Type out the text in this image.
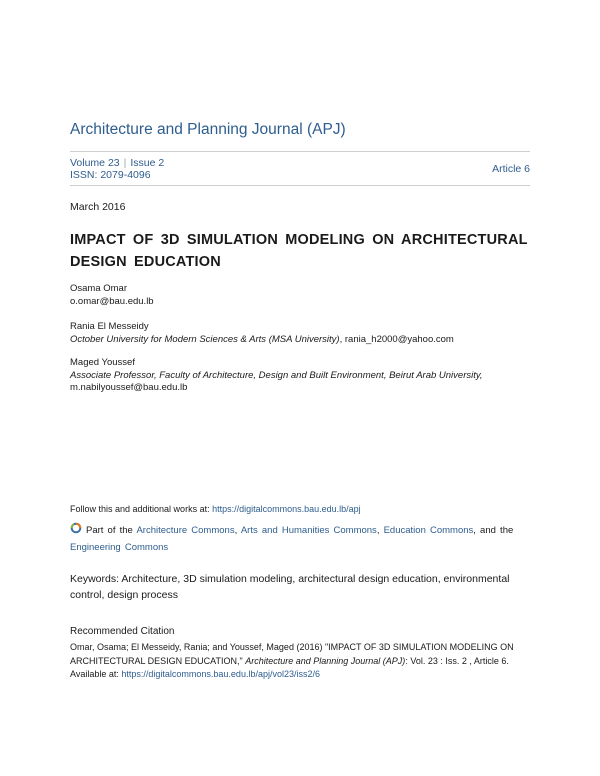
Architecture and Planning Journal (APJ)
Volume 23 | Issue 2
ISSN: 2079-4096	Article 6
March 2016
IMPACT OF 3D SIMULATION MODELING ON ARCHITECTURAL DESIGN EDUCATION
Osama Omar
o.omar@bau.edu.lb
Rania El Messeidy
October University for Modern Sciences & Arts (MSA University), rania_h2000@yahoo.com
Maged Youssef
Associate Professor, Faculty of Architecture, Design and Built Environment, Beirut Arab University,
m.nabilyoussef@bau.edu.lb
Follow this and additional works at: https://digitalcommons.bau.edu.lb/apj
Part of the Architecture Commons, Arts and Humanities Commons, Education Commons, and the Engineering Commons
Keywords: Architecture, 3D simulation modeling, architectural design education, environmental control, design process
Recommended Citation
Omar, Osama; El Messeidy, Rania; and Youssef, Maged (2016) "IMPACT OF 3D SIMULATION MODELING ON ARCHITECTURAL DESIGN EDUCATION," Architecture and Planning Journal (APJ): Vol. 23 : Iss. 2 , Article 6.
Available at: https://digitalcommons.bau.edu.lb/apj/vol23/iss2/6
